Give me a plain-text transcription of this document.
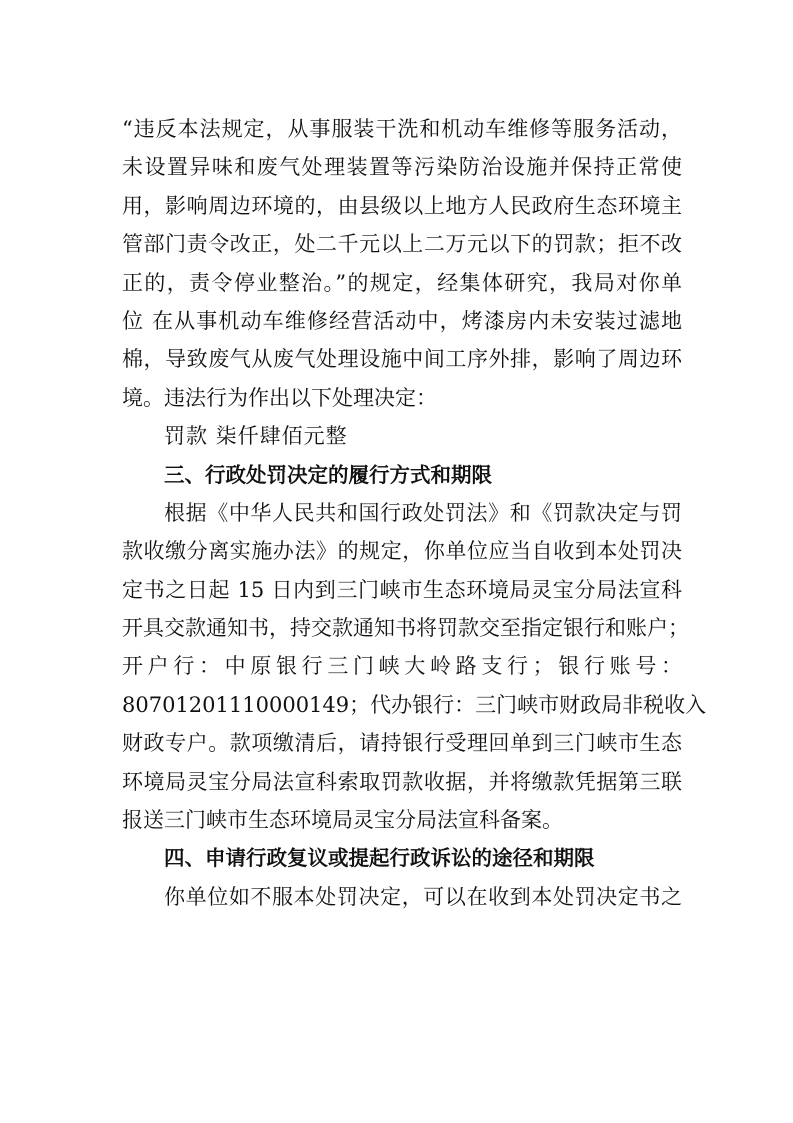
“违反本法规定，从事服装干洗和机动车维修等服务活动，
未设置异味和废气处理装置等污染防治设施并保持正常使
用，影响周边环境的，由县级以上地方人民政府生态环境主
管部门责令改正，处二千元以上二万元以下的罚款；拒不改
正的，责令停业整治。”的规定，经集体研究，我局对你单
位 在从事机动车维修经营活动中，烤漆房内未安装过滤地
棉，导致废气从废气处理设施中间工序外排，影响了周边环
境。违法行为作出以下处理决定：
罚款 柒仟肆佰元整
三、行政处罚决定的履行方式和期限
根据《中华人民共和国行政处罚法》和《罚款决定与罚
款收缴分离实施办法》的规定，你单位应当自收到本处罚决
定书之日起 15 日内到三门峡市生态环境局灵宝分局法宣科
开具交款通知书，持交款通知书将罚款交至指定银行和账户；
开户行：中原银行三门峡大岭路支行；银行账号：
80701201110000149；代办银行：三门峡市财政局非税收入
财政专户。款项缴清后，请持银行受理回单到三门峡市生态
环境局灵宝分局法宣科索取罚款收据，并将缴款凭据第三联
报送三门峡市生态环境局灵宝分局法宣科备案。
四、申请行政复议或提起行政诉讼的途径和期限
你单位如不服本处罚决定，可以在收到本处罚决定书之
